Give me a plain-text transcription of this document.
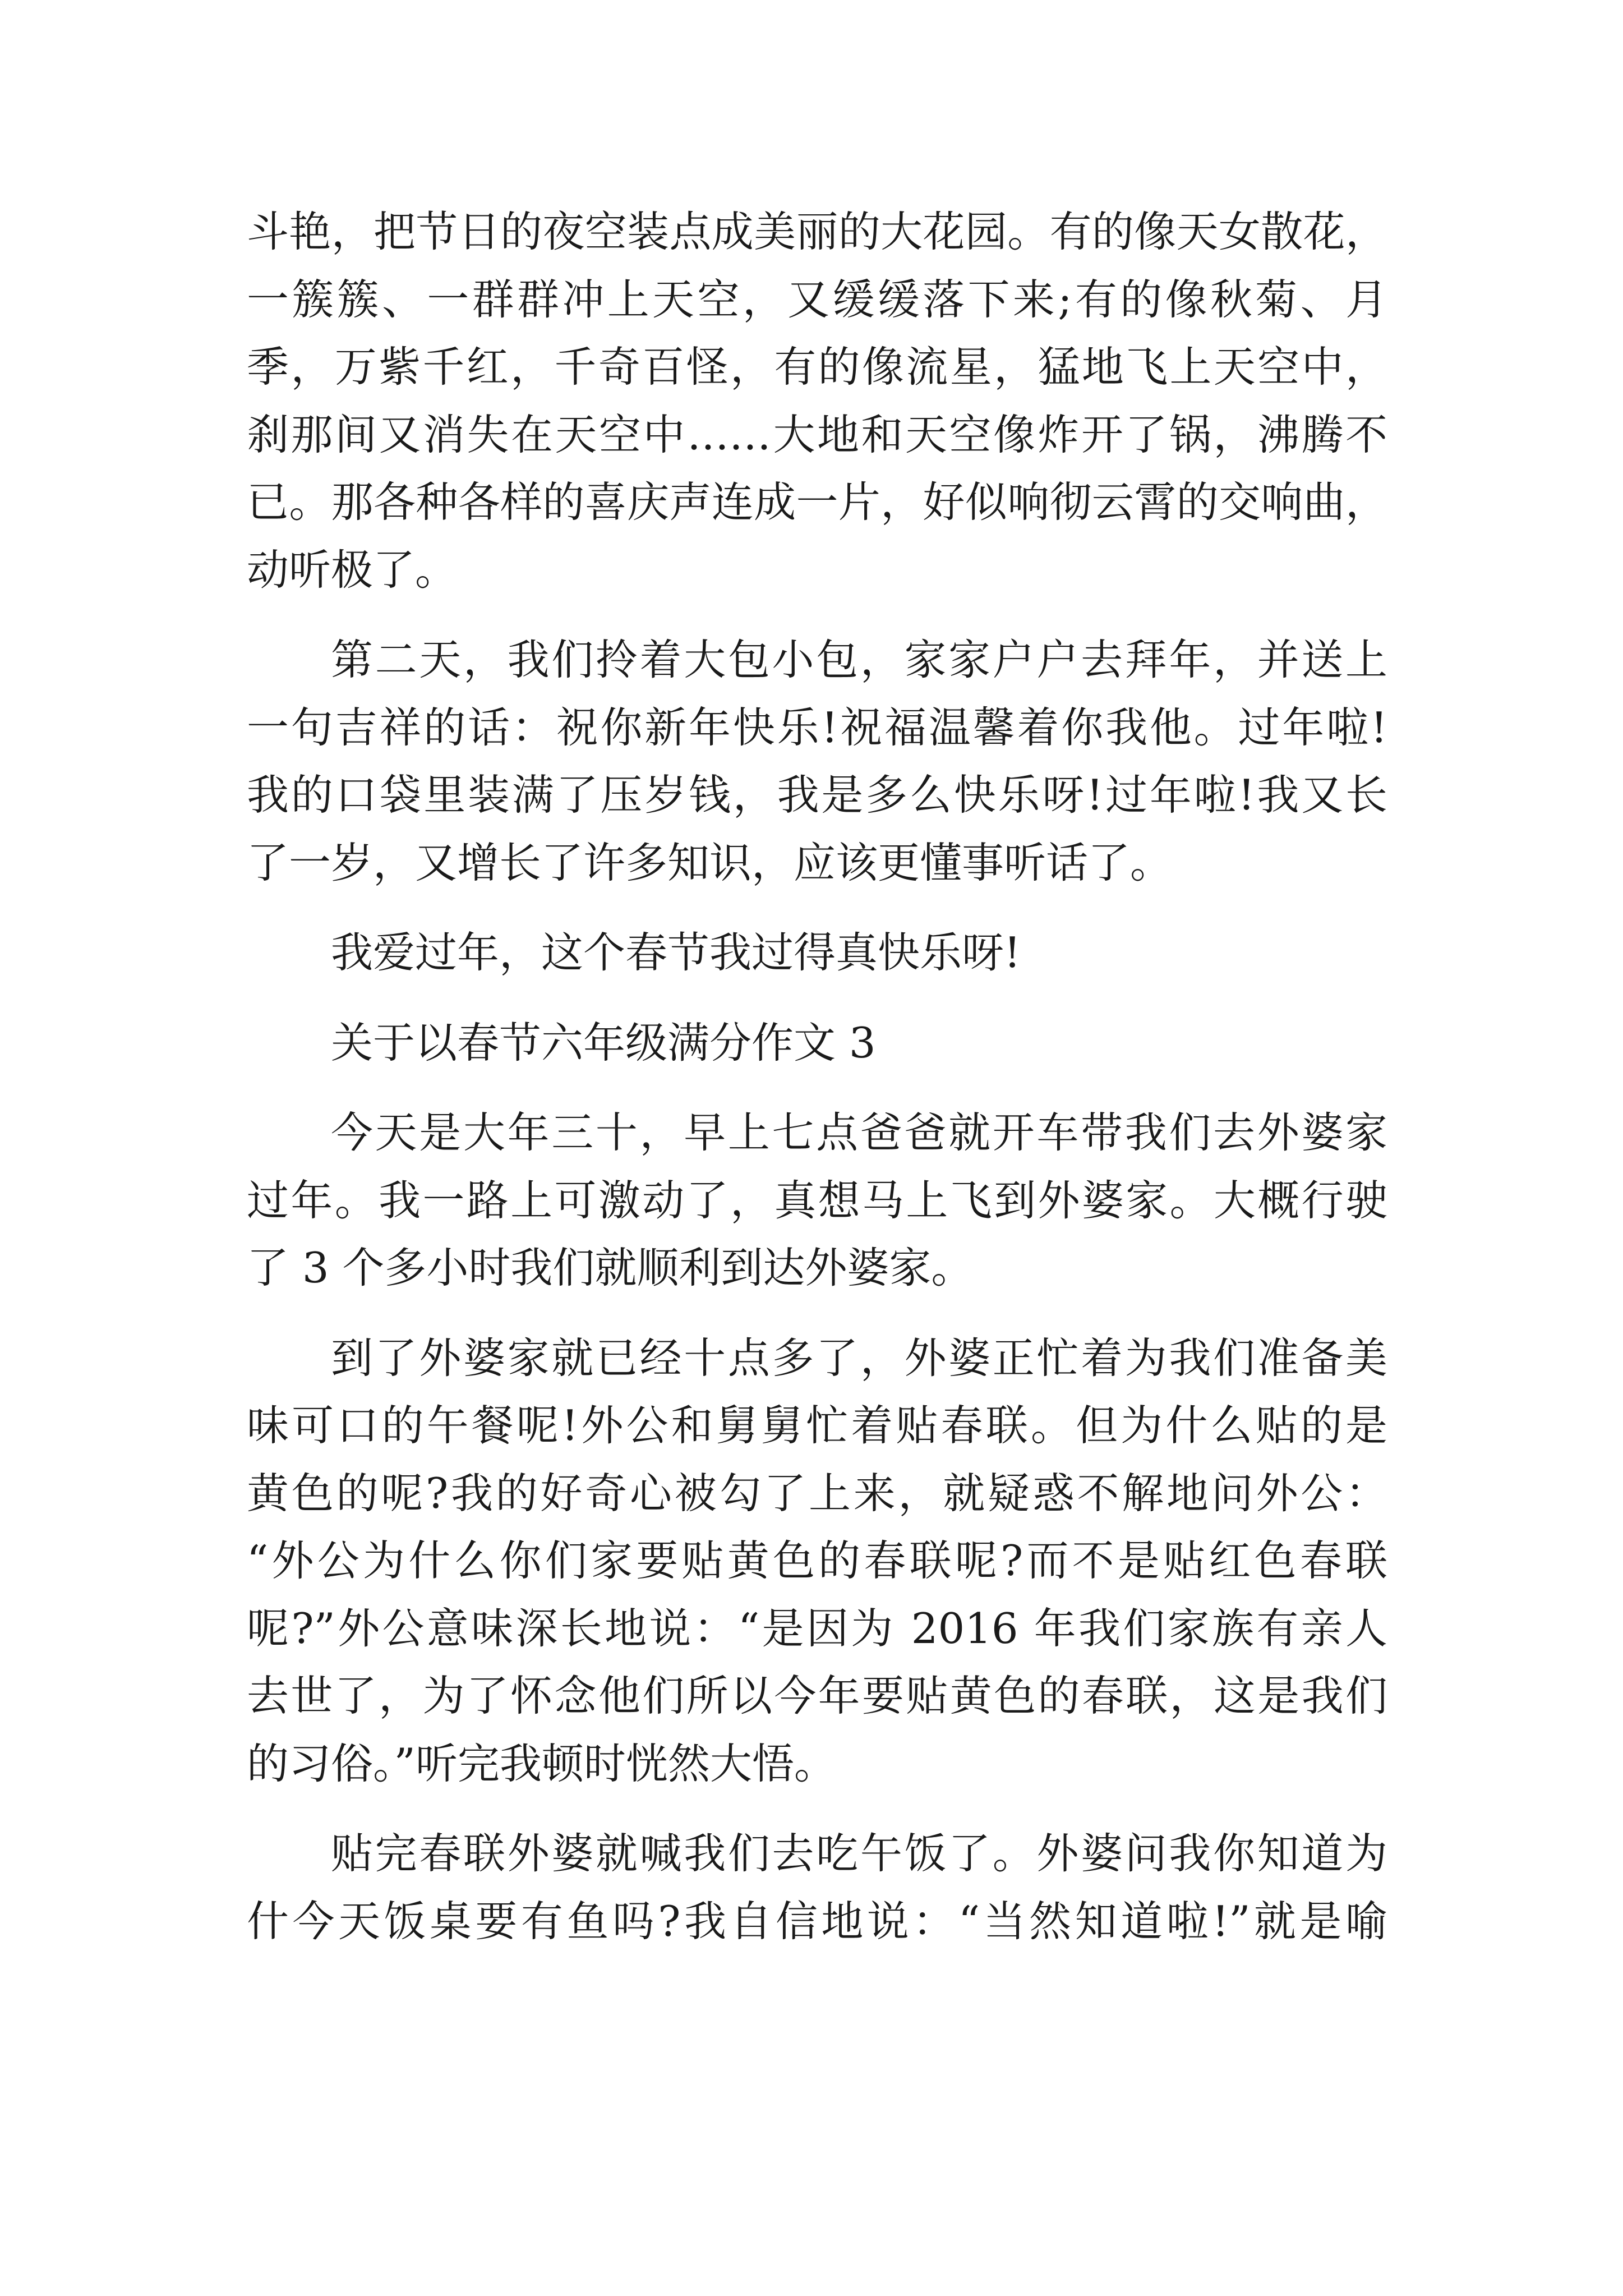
斗艳，把节日的夜空装点成美丽的大花园。有的像天女散花，
一簇簇、一群群冲上天空，又缓缓落下来;有的像秋菊、月
季，万紫千红，千奇百怪，有的像流星，猛地飞上天空中，
刹那间又消失在天空中……大地和天空像炸开了锅，沸腾不
已。那各种各样的喜庆声连成一片，好似响彻云霄的交响曲，
动听极了。
第二天，我们拎着大包小包，家家户户去拜年，并送上
一句吉祥的话：祝你新年快乐!祝福温馨着你我他。过年啦!
我的口袋里装满了压岁钱，我是多么快乐呀!过年啦!我又长
了一岁，又增长了许多知识，应该更懂事听话了。
我爱过年，这个春节我过得真快乐呀!
关于以春节六年级满分作文 3
今天是大年三十，早上七点爸爸就开车带我们去外婆家
过年。我一路上可激动了，真想马上飞到外婆家。大概行驶
了 3 个多小时我们就顺利到达外婆家。
到了外婆家就已经十点多了，外婆正忙着为我们准备美
味可口的午餐呢!外公和舅舅忙着贴春联。但为什么贴的是
黄色的呢?我的好奇心被勾了上来，就疑惑不解地问外公：
“外公为什么你们家要贴黄色的春联呢?而不是贴红色春联
呢?”外公意味深长地说：“是因为 2016 年我们家族有亲人
去世了，为了怀念他们所以今年要贴黄色的春联，这是我们
的习俗。”听完我顿时恍然大悟。
贴完春联外婆就喊我们去吃午饭了。外婆问我你知道为
什今天饭桌要有鱼吗?我自信地说：“当然知道啦!”就是喻
